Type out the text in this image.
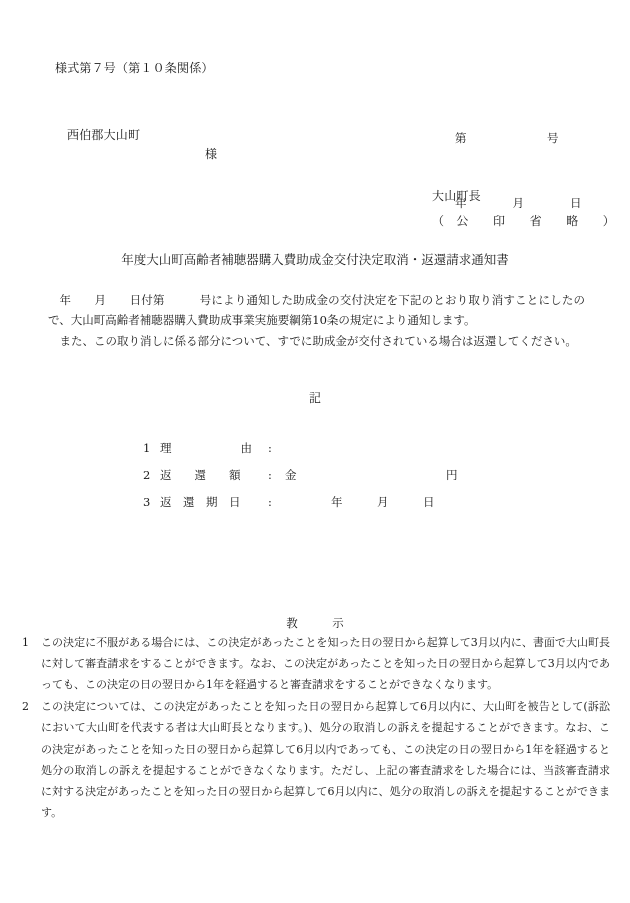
様式第７号（第１０条関係）

第　　　　　　　号

年　　　　月　　　　日

西伯郡大山町
様
大山町長
（　公　　印　　省　　略　　）
年度大山町高齢者補聴器購入費助成金交付決定取消・返還請求通知書

年　　月　　日付第　　　号により通知した助成金の交付決定を下記のとおり取り消すことにしたので、大山町高齢者補聴器購入費助成事業実施要綱第10条の規定により通知します。

また、この取り消しに係る部分について、すでに助成金が交付されている場合は返還してください。

記
1 理　　　　　　由	:
2 返　　還　　額	:	金　　　　　　　　　　　　　円
3 返　還　期　日	:	　　　　年　　　月　　　日
教　　　示
1	この決定に不服がある場合には、この決定があったことを知った日の翌日から起算して3月以内に、書面で大山町長に対して審査請求をすることができます。なお、この決定があったことを知った日の翌日から起算して3月以内であっても、この決定の日の翌日から1年を経過すると審査請求をすることができなくなります。
2	この決定については、この決定があったことを知った日の翌日から起算して6月以内に、大山町を被告として(訴訟において大山町を代表する者は大山町長となります。)、処分の取消しの訴えを提起することができます。なお、この決定があったことを知った日の翌日から起算して6月以内であっても、この決定の日の翌日から1年を経過すると処分の取消しの訴えを提起することができなくなります。ただし、上記の審査請求をした場合には、当該審査請求に対する決定があったことを知った日の翌日から起算して6月以内に、処分の取消しの訴えを提起することができます。
